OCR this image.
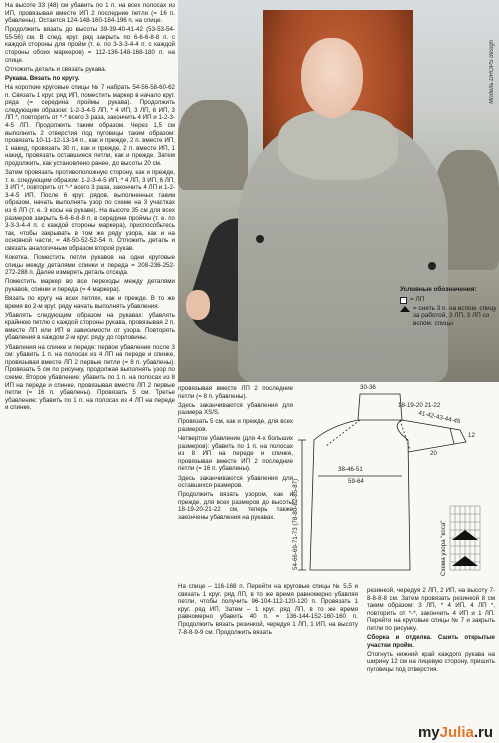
На высоте 33 (48) см убавить по 1 п. на всех полосах из ИП, провязывая вместе ИП 2 последние петли (= 16 п. убавлены). Остается 124-148-160-184-196 п. на спице.

Продолжить вязать до высоты 39-39-40-41-42 (53-53-54-55-56) см. В след. круг. ряд закрыть по 6-6-6-8-8 п. с каждой стороны для пройм (т. е. по 3-3-3-4-4 п. с каждой стороны обоих маркеров) = 112-136-148-168-180 п. на спице.

Отложить деталь и связать рукава.

Рукава. Вязать по кругу.

На короткие круговые спицы № 7 набрать 54-56-58-60-62 п. Связать 1 круг. ряд ИП, поместить маркер в начало круг. ряда (= середина проймы рукава). Продолжить следующим образом: 1-2-3-4-5 ЛП, * 4 ИП, 3 ЛП, 6 ИП, 3 ЛП *, повторить от *-* всего 3 раза, закончить 4 ИП и 1-2-3-4-5 ЛП. Продолжить таким образом. Через 1,5 см выполнить 2 отверстия под пуговицы таким образом: провязать 10-11-12-13-14 п., как и прежде, 2 п. вместе ИП, 1 накид, провязать 30 п., как и прежде, 2 п. вместе ИП, 1 накид, провязать оставшиеся петли, как и прежде. Затем продолжить, как установлено ранее, до высоты 20 см.

Затем провязать противоположную сторону, как и прежде, т. е. следующим образом: 1-2-3-4-5 ИП, * 4 ЛП, 3 ИП, 6 ЛП, 3 ИП *, повторить от *-* всего 3 раза, закончить 4 ЛП и 1-2-3-4-5 ИП. После 6 круг. рядов, выполненных таким образом, начать выполнять узор по схеме на 3 участках из 6 ЛП (т. е. 3 косы на рукаве). На высоте 35 см для всех размеров закрыть 6-6-6-8-8 п. в середине проймы (т. е. по 3-3-3-4-4 п. с каждой стороны маркера), приспособьтесь так, чтобы закрывать в том же ряду узора, как и на основной части, = 48-50-52-52-54 п. Отложить деталь и связать аналогичным образом второй рукав.

Кокетка. Поместить петли рукавов на одни круговые спицы между деталями спинки и переда = 208-236-252-272-288 п. Далее измерять деталь отсюда.

Поместить маркер во все переходы между деталями рукавов, спинки и переда (= 4 маркера).

Вязать по кругу на всех петлях, как и прежде. В то же время во 2-м круг. ряду начать выполнять убавления.

Убавлять следующим образом на рукавах: убавлять крайнюю петлю с каждой стороны рукава, провязывая 2 п. вместе ЛП или ИП в зависимости от узора. Повторять убавления в каждом 2-м круг. ряду до горловины.

Убавления на спинке и переде: первое убавление после 3 см: убавить 1 п. на полосах из 4 ЛП на переде и спинке, провязывая вместе ЛП 2 первые петли (= 8 п. убавлены). Провязать 5 см по рисунку, продолжая выполнять узор по схеме. Второе убавление: убавить по 1 п. на полосах из 8 ИП на переде и спинке, провязывая вместе ЛП 2 первые петли (= 16 п. убавлены). Провязать 5 см. Третье убавление: убавить по 1 п. на полосах из 4 ЛП на переде и спинке,

Модель DROPS design
Условные обозначения:
= ЛП
= снять 3 п. на вспом. спицу за работой, 3 ЛП, 3 ЛП со вспом. спицы

провязывая вместе ЛП 2 последние петли (= 8 п. убавлены).

Здесь заканчиваются убавления для размера XS/S.

Провязать 5 см, как и прежде, для всех размеров.

Четвертое убавление (для 4-х больших размеров): убавить по 1 п. на полосах из 8 ИП на переде и спинке, провязывая вместе ИП 2 последние петли (= 16 п. убавлены).

Здесь заканчиваются убавления для оставшихся размеров.

Продолжить вязать узором, как и прежде, для всех размеров до высоты 18-19-20-21-22 см, теперь также закончены убавления на рукавах.

30-36
18-19-20 21-22
41-42-43-44-45
12
20
38-46-51
59-64
54-66-69-71-73 (78-80-82-85-87)	Схема узора "коса"

На спице – 116-168 п. Перейти на круговые спицы № 5,5 и связать 1 круг. ряд ЛП, в то же время равномерно убавляя петли, чтобы получить 96-104-112-120-120 п. Провязать 1 круг. ряд ИП. Затем – 1 круг. ряд ЛП, в то же время равномерно убавить 40 п. = 136-144-152-160-160 п. Продолжить вязать резинкой, чередуя 1 ЛП, 1 ИП, на высоту 7-8-8-9-9 см. Продолжить вязать

резинкой, чередуя 2 ЛП, 2 ИП, на высоту 7-8-8-8-8 см. Затем провязать резинкой 8 см таким образом: 3 ЛП, * 4 ИП, 4 ЛП *, повторить от *-*, закончить 4 ИП и 1 ЛП. Перейти на круговые спицы № 7 и закрыть петли по рисунку.

Сборка и отделка. Сшить открытые участки пройм.

Отогнуть нижний край каждого рукава на ширину 12 см на лицевую сторону, пришить пуговицы под отверстия.

myJulia.ru
